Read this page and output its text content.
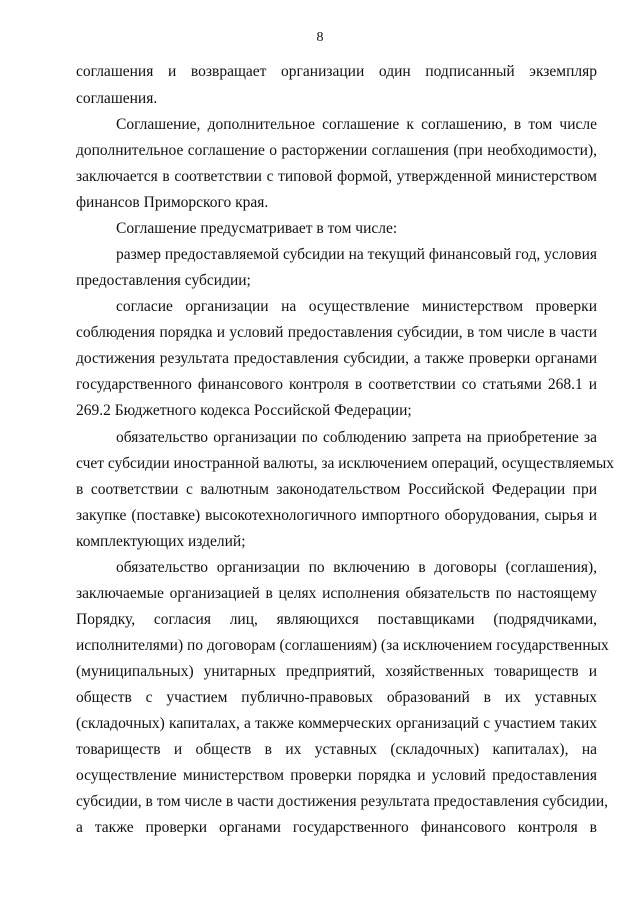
8
соглашения и возвращает организации один подписанный экземпляр
соглашения.
Соглашение, дополнительное соглашение к соглашению, в том числе
дополнительное соглашение о расторжении соглашения (при необходимости),
заключается в соответствии с типовой формой, утвержденной министерством
финансов Приморского края.
Соглашение предусматривает в том числе:
размер предоставляемой субсидии на текущий финансовый год, условия
предоставления субсидии;
согласие организации на осуществление министерством проверки
соблюдения порядка и условий предоставления субсидии, в том числе в части
достижения результата предоставления субсидии, а также проверки органами
государственного финансового контроля в соответствии со статьями 268.1 и
269.2 Бюджетного кодекса Российской Федерации;
обязательство организации по соблюдению запрета на приобретение за
счет субсидии иностранной валюты, за исключением операций, осуществляемых
в соответствии с валютным законодательством Российской Федерации при
закупке (поставке) высокотехнологичного импортного оборудования, сырья и
комплектующих изделий;
обязательство организации по включению в договоры (соглашения),
заключаемые организацией в целях исполнения обязательств по настоящему
Порядку, согласия лиц, являющихся поставщиками (подрядчиками,
исполнителями) по договорам (соглашениям) (за исключением государственных
(муниципальных) унитарных предприятий, хозяйственных товариществ и
обществ с участием публично-правовых образований в их уставных
(складочных) капиталах, а также коммерческих организаций с участием таких
товариществ и обществ в их уставных (складочных) капиталах), на
осуществление министерством проверки порядка и условий предоставления
субсидии, в том числе в части достижения результата предоставления субсидии,
а также проверки органами государственного финансового контроля в
